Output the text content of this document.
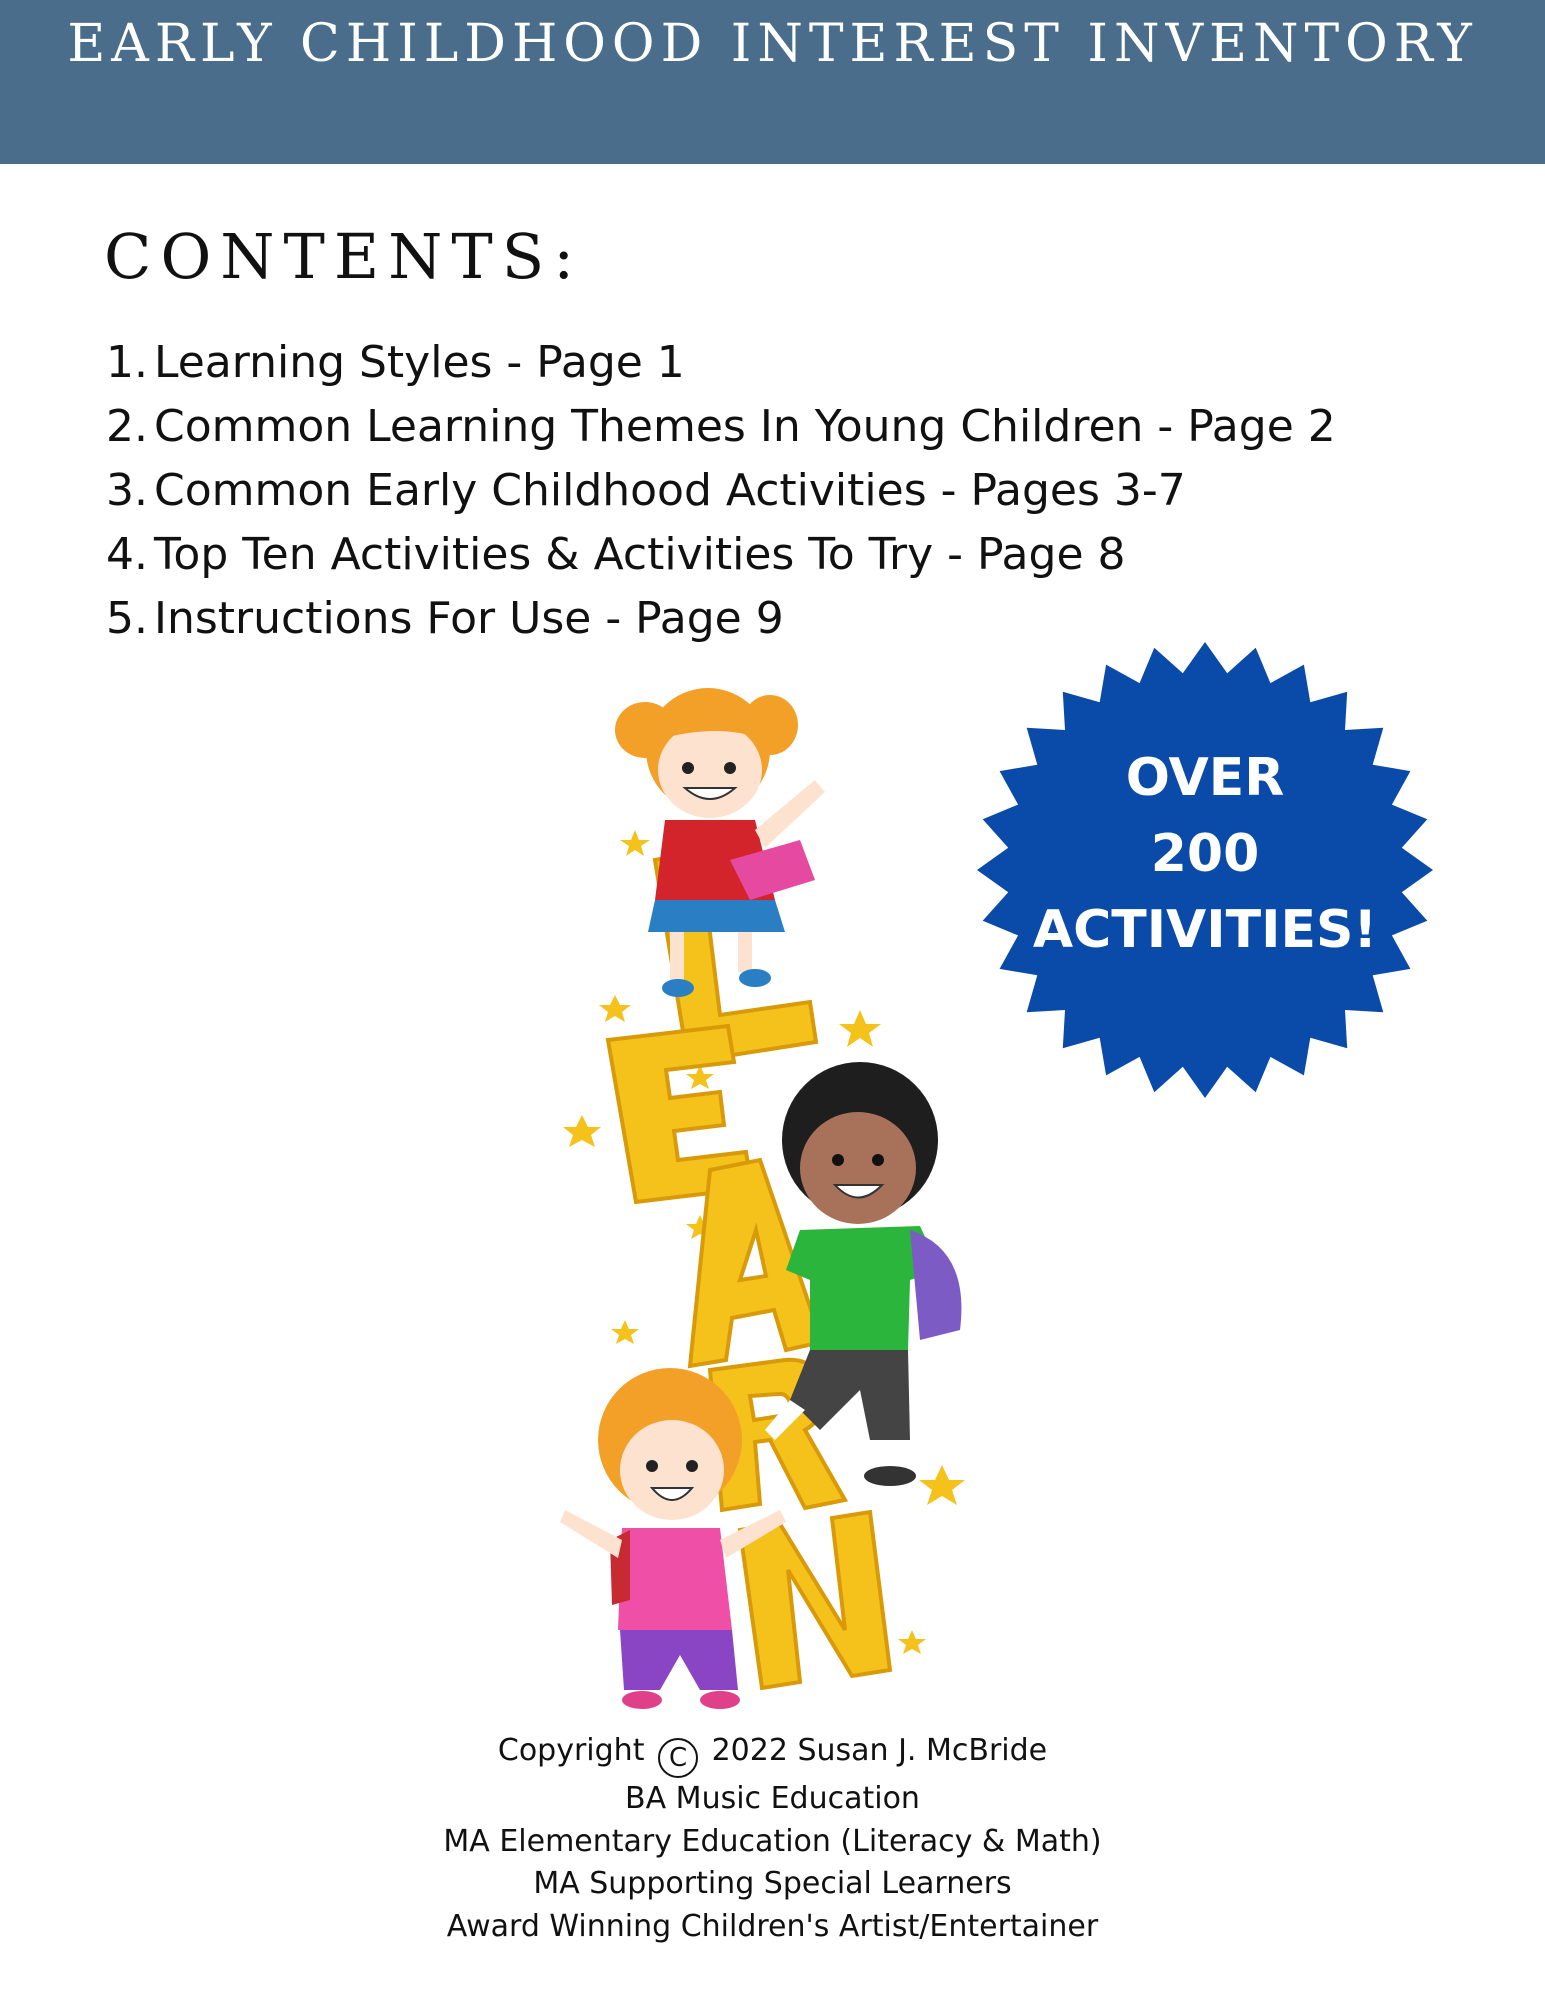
EARLY CHILDHOOD INTEREST INVENTORY
CONTENTS:
1. Learning Styles - Page 1
2. Common Learning Themes In Young Children - Page 2
3. Common Early Childhood Activities - Pages 3-7
4. Top Ten Activities & Activities To Try - Page 8
5. Instructions For Use - Page 9
OVER
200
ACTIVITIES!
Copyright C 2022 Susan J. McBride
BA Music Education
MA Elementary Education (Literacy & Math)
MA Supporting Special Learners
Award Winning Children's Artist/Entertainer
